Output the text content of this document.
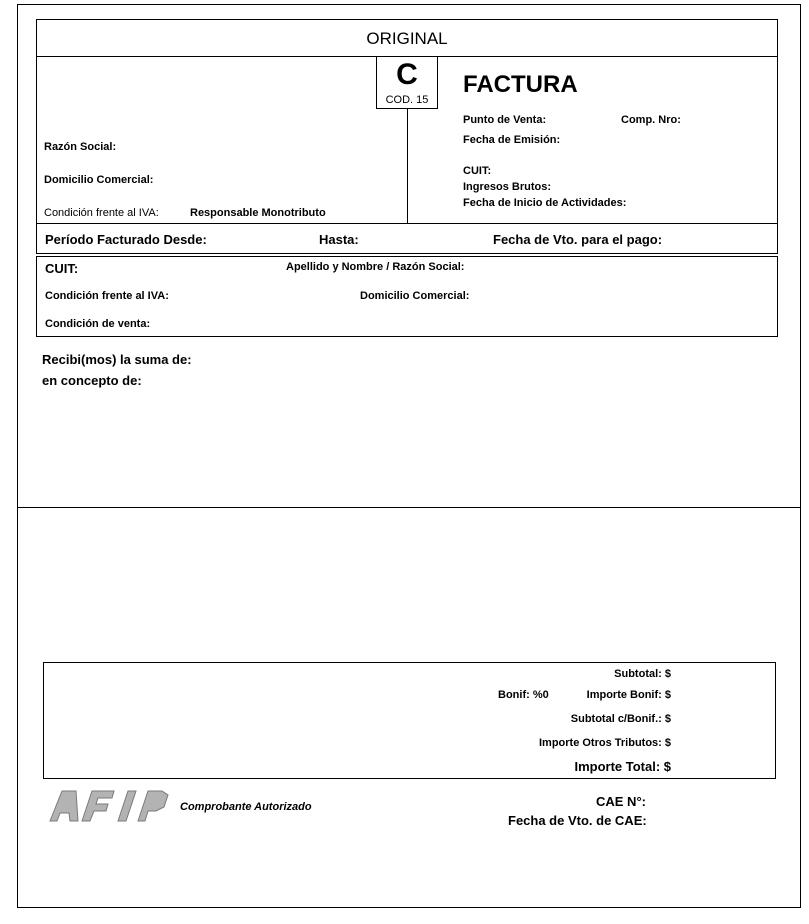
ORIGINAL
C
COD. 15
Razón Social:
Domicilio Comercial:
Condición frente al IVA:	Responsable Monotributo
FACTURA
Punto de Venta:	Comp. Nro:
Fecha de Emisión:
CUIT:
Ingresos Brutos:
Fecha de Inicio de Actividades:
Período Facturado Desde:	Hasta:	Fecha de Vto. para el pago:
CUIT:	Apellido y Nombre / Razón Social:
Condición frente al IVA:	Domicilio Comercial:
Condición de venta:
Recibi(mos) la suma de:
en concepto de:
Subtotal: $
Bonif: %0	Importe Bonif: $
Subtotal c/Bonif.: $
Importe Otros Tributos: $
Importe Total: $
Comprobante Autorizado	CAE N°:
Fecha de Vto. de CAE:
